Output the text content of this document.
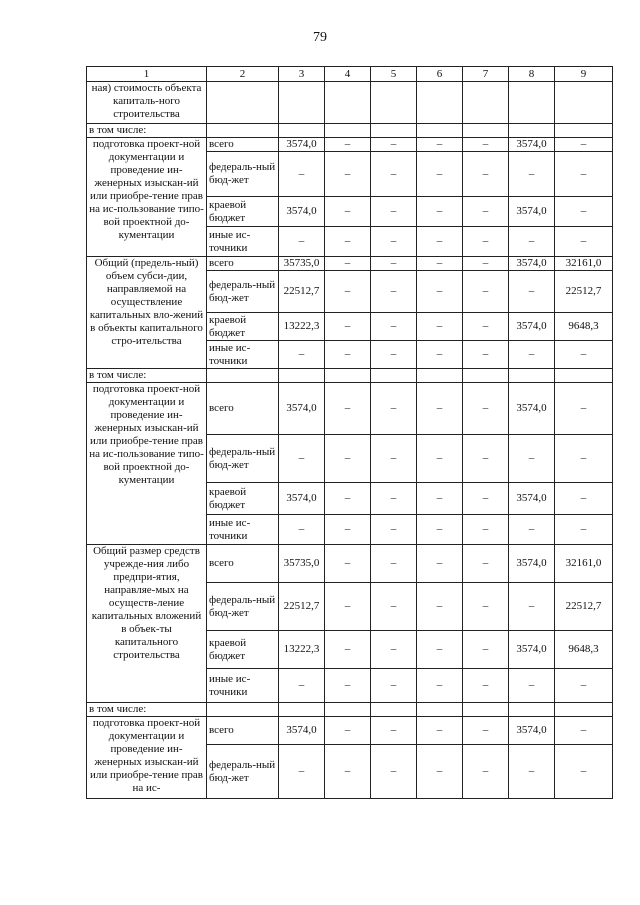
79
1	2	3	4	5	6	7	8	9
ная) стоимость объекта капиталь-ного строительства								
в том числе:								
подготовка проект-ной документации и проведение ин-женерных изыскан-ий или приобре-тение прав на ис-пользование типо-вой проектной до-кументации	всего	3574,0	–	–	–	–	3574,0	–
	федераль-ный бюд-жет	–	–	–	–	–	–	–
	краевой бюджет	3574,0	–	–	–	–	3574,0	–
	иные ис-точники	–	–	–	–	–	–	–
Общий (предель-ный) объем субси-дии, направляемой на осуществление капитальных вло-жений в объекты капитального стро-ительства	всего	35735,0	–	–	–	–	3574,0	32161,0
	федераль-ный бюд-жет	22512,7	–	–	–	–	–	22512,7
	краевой бюджет	13222,3	–	–	–	–	3574,0	9648,3
	иные ис-точники	–	–	–	–	–	–	–
в том числе:								
подготовка проект-ной документации и проведение ин-женерных изыскан-ий или приобре-тение прав на ис-пользование типо-вой проектной до-кументации	всего	3574,0	–	–	–	–	3574,0	–
	федераль-ный бюд-жет	–	–	–	–	–	–	–
	краевой бюджет	3574,0	–	–	–	–	3574,0	–
	иные ис-точники	–	–	–	–	–	–	–
Общий размер средств учрежде-ния либо предпри-ятия, направляе-мых на осуществ-ление капитальных вложений в объек-ты капитального строительства	всего	35735,0	–	–	–	–	3574,0	32161,0
	федераль-ный бюд-жет	22512,7	–	–	–	–	–	22512,7
	краевой бюджет	13222,3	–	–	–	–	3574,0	9648,3
	иные ис-точники	–	–	–	–	–	–	–
в том числе:								
подготовка проект-ной документации и проведение ин-женерных изыскан-ий или приобре-тение прав на ис-	всего	3574,0	–	–	–	–	3574,0	–
	федераль-ный бюд-жет	–	–	–	–	–	–	–
